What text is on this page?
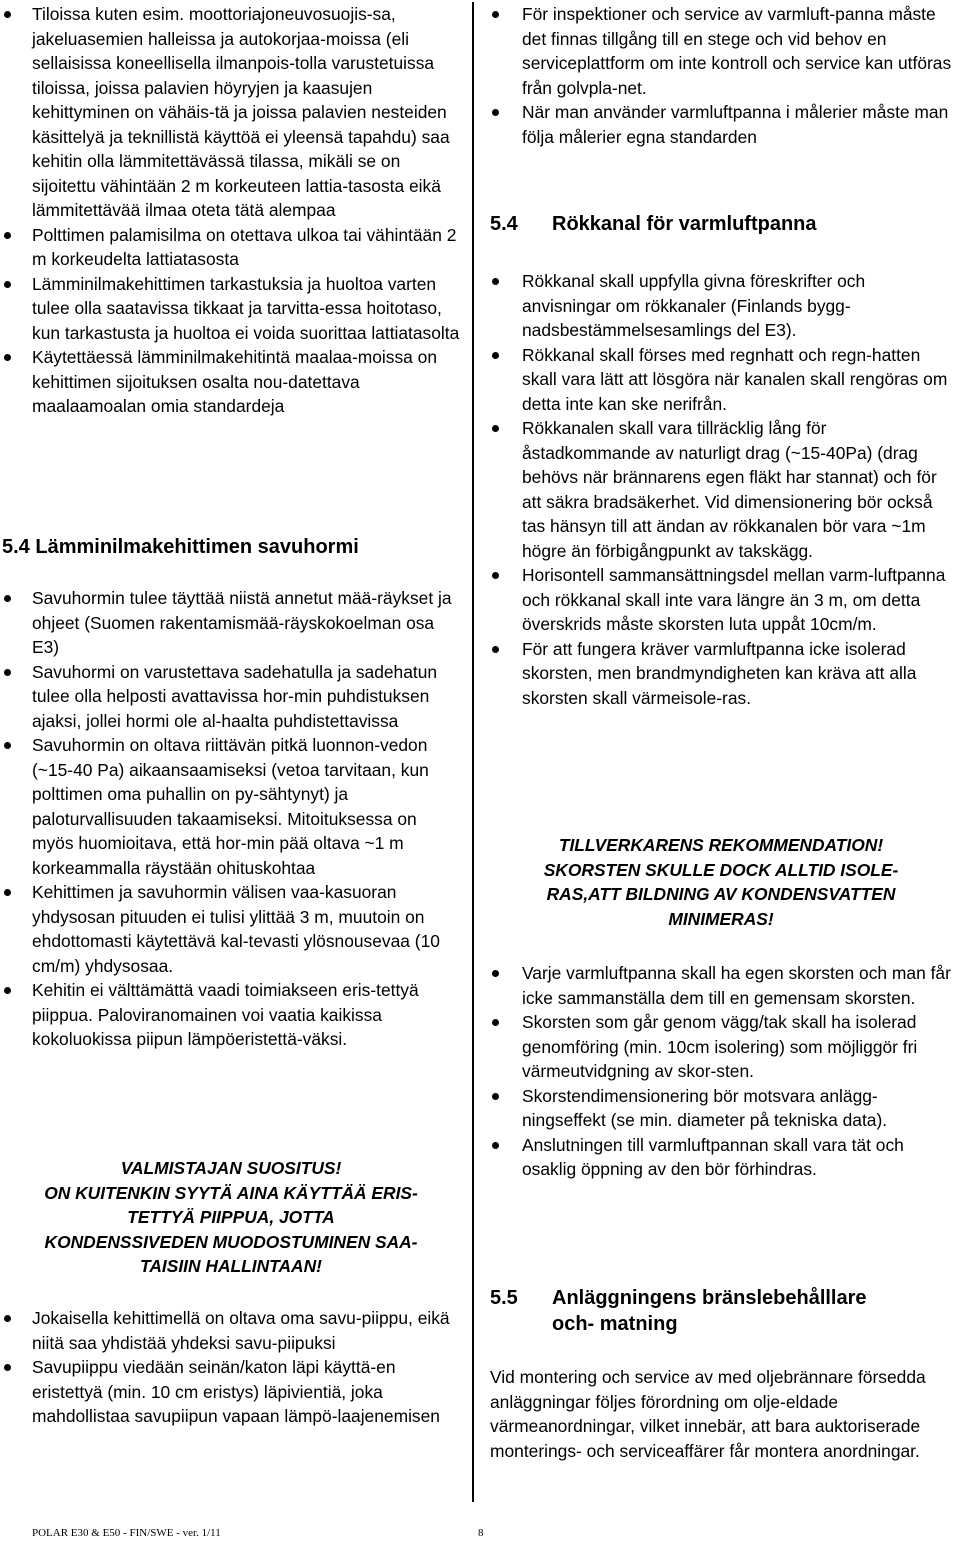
Tiloissa kuten esim. moottoriajoneuvosuojis-sa, jakeluasemien halleissa ja autokorjaa-moissa (eli sellaisissa koneellisella ilmanpois-tolla varustetuissa tiloissa, joissa palavien höyryjen ja kaasujen kehittyminen on vähäis-tä ja joissa palavien nesteiden käsittelyä ja teknillistä käyttöä ei yleensä tapahdu) saa kehitin olla lämmitettävässä tilassa, mikäli se on sijoitettu vähintään 2 m korkeuteen lattia-tasosta eikä lämmitettävää ilmaa oteta tätä alempaa
Polttimen palamisilma on otettava ulkoa tai vähintään 2 m korkeudelta lattiatasosta
Lämminilmakehittimen tarkastuksia ja huoltoa varten tulee olla saatavissa tikkaat ja tarvitta-essa hoitotaso, kun tarkastusta ja huoltoa ei voida suorittaa lattiatasolta
Käytettäessä lämminilmakehitintä maalaa-moissa on kehittimen sijoituksen osalta nou-datettava maalaamoalan omia standardeja
5.4 Lämminilmakehittimen savuhormi
Savuhormin tulee täyttää niistä annetut mää-räykset ja ohjeet (Suomen rakentamismää-räyskokoelman osa E3)
Savuhormi on varustettava sadehatulla ja sadehatun tulee olla helposti avattavissa hor-min puhdistuksen ajaksi, jollei hormi ole al-haalta puhdistettavissa
Savuhormin on oltava riittävän pitkä luonnon-vedon (~15-40 Pa) aikaansaamiseksi (vetoa tarvitaan, kun polttimen oma puhallin on py-sähtynyt) ja paloturvallisuuden takaamiseksi. Mitoituksessa on myös huomioitava, että hor-min pää oltava ~1 m korkeammalla räystään ohituskohtaa
Kehittimen ja savuhormin välisen vaa-kasuoran yhdysosan pituuden ei tulisi ylittää 3 m, muutoin on ehdottomasti käytettävä kal-tevasti ylösnousevaa (10 cm/m) yhdysosaa.
Kehitin ei välttämättä vaadi toimiakseen eris-tettyä piippua. Paloviranomainen voi vaatia kaikissa kokoluokissa piipun lämpöeristettä-väksi.

VALMISTAJAN SUOSITUS!

ON KUITENKIN SYYTÄ AINA KÄYTTÄÄ ERIS-

TETTYÄ PIIPPUA, JOTTA

KONDENSSIVEDEN MUODOSTUMINEN SAA-

TAISIIN HALLINTAAN!

Jokaisella kehittimellä on oltava oma savu-piippu, eikä niitä saa yhdistää yhdeksi savu-piipuksi
Savupiippu viedään seinän/katon läpi käyttä-en eristettyä (min. 10 cm eristys) läpivientiä, joka mahdollistaa savupiipun vapaan lämpö-laajenemisen
För inspektioner och service av varmluft-panna måste det finnas tillgång till en stege och vid behov en serviceplattform om inte kontroll och service kan utföras från golvpla-net.
När man använder varmluftpanna i målerier måste man följa målerier egna standarden
5.4 Rökkanal för varmluftpanna
Rökkanal skall uppfylla givna föreskrifter och anvisningar om rökkanaler (Finlands bygg-nadsbestämmelsesamlings del E3).
Rökkanal skall förses med regnhatt och regn-hatten skall vara lätt att lösgöra när kanalen skall rengöras om detta inte kan ske nerifrån.
Rökkanalen skall vara tillräcklig lång för åstadkommande av naturligt drag (~15-40Pa) (drag behövs när brännarens egen fläkt har stannat) och för att säkra bradsäkerhet. Vid dimensionering bör också tas hänsyn till att ändan av rökkanalen bör vara ~1m högre än förbigångpunkt av takskägg.
Horisontell sammansättningsdel mellan varm-luftpanna och rökkanal skall inte vara längre än 3 m, om detta överskrids måste skorsten luta uppåt 10cm/m.
För att fungera kräver varmluftpanna icke isolerad skorsten, men brandmyndigheten kan kräva att alla skorsten skall värmeisole-ras.

TILLVERKARENS REKOMMENDATION!

SKORSTEN SKULLE DOCK ALLTID ISOLE-

RAS,ATT BILDNING AV KONDENSVATTEN

MINIMERAS!

Varje varmluftpanna skall ha egen skorsten och man får icke sammanställa dem till en gemensam skorsten.
Skorsten som går genom vägg/tak skall ha isolerad genomföring (min. 10cm isolering) som möjliggör fri värmeutvidgning av skor-sten.
Skorstendimensionering bör motsvara anlägg-ningseffekt (se min. diameter på tekniska data).
Anslutningen till varmluftpannan skall vara tät och osaklig öppning av den bör förhindras.
5.5 Anläggningens bränslebehålllare
och- matning

Vid montering och service av med oljebrännare försedda anläggningar följes förordning om olje-eldade värmeanordningar, vilket innebär, att bara auktoriserade monterings- och serviceaffärer får montera anordningar.

POLAR E30 & E50 - FIN/SWE - ver. 1/11	8
